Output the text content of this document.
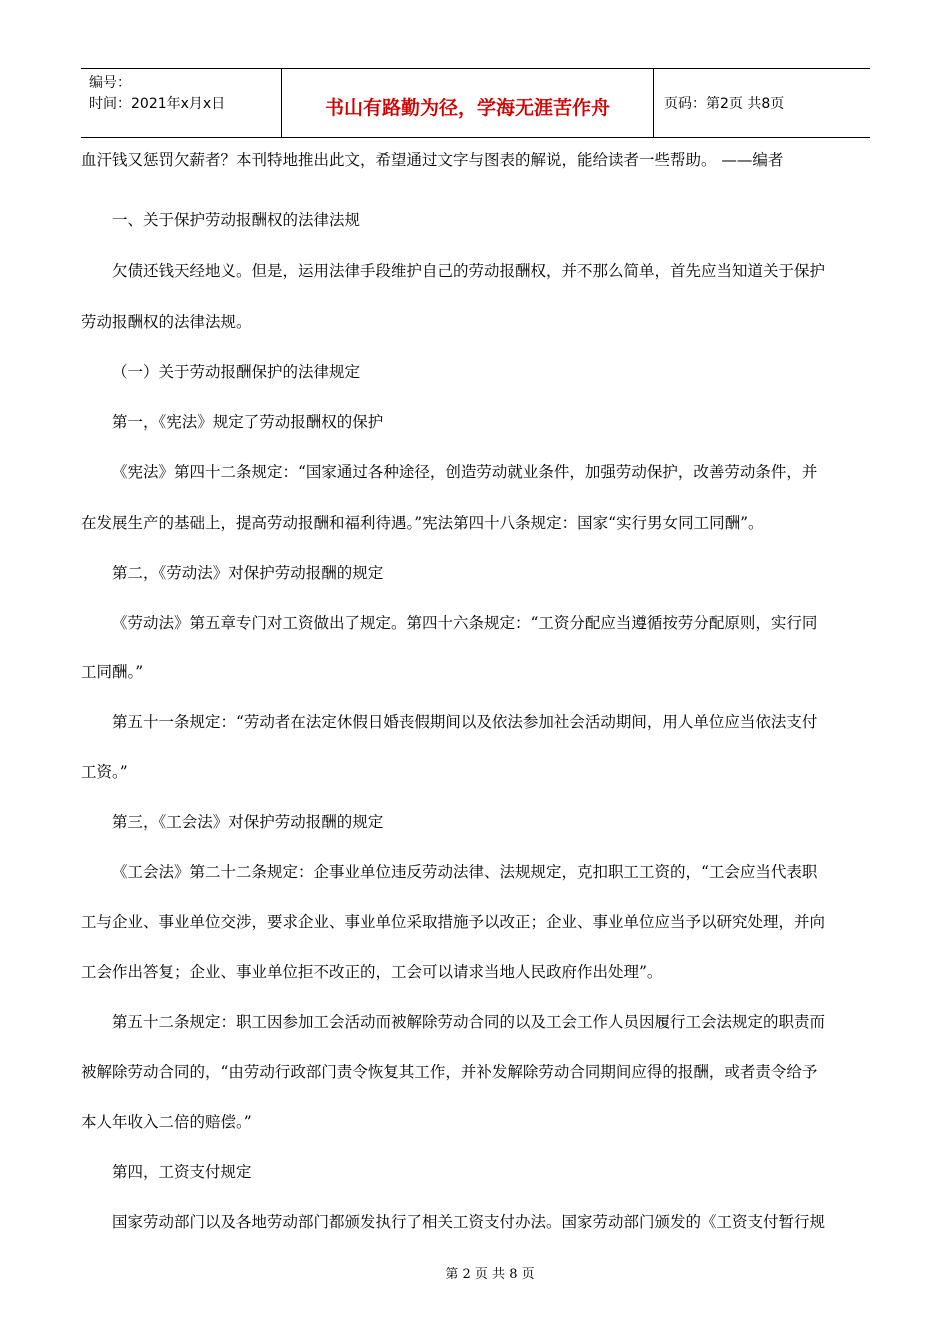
编号：
时间：2021年x月x日	书山有路勤为径，学海无涯苦作舟	页码：第2页 共8页

血汗钱又惩罚欠薪者？本刊特地推出此文，希望通过文字与图表的解说，能给读者一些帮助。 ——编者

一、关于保护劳动报酬权的法律法规

欠债还钱天经地义。但是，运用法律手段维护自己的劳动报酬权，并不那么简单，首先应当知道关于保护

劳动报酬权的法律法规。

（一）关于劳动报酬保护的法律规定

第一，《宪法》规定了劳动报酬权的保护

《宪法》第四十二条规定：“国家通过各种途径，创造劳动就业条件，加强劳动保护，改善劳动条件，并

在发展生产的基础上，提高劳动报酬和福利待遇。”宪法第四十八条规定：国家“实行男女同工同酬”。

第二，《劳动法》对保护劳动报酬的规定

《劳动法》第五章专门对工资做出了规定。第四十六条规定：“工资分配应当遵循按劳分配原则，实行同

工同酬。”

第五十一条规定：“劳动者在法定休假日婚丧假期间以及依法参加社会活动期间，用人单位应当依法支付

工资。”

第三，《工会法》对保护劳动报酬的规定

《工会法》第二十二条规定：企事业单位违反劳动法律、法规规定，克扣职工工资的，“工会应当代表职

工与企业、事业单位交涉，要求企业、事业单位采取措施予以改正；企业、事业单位应当予以研究处理，并向

工会作出答复；企业、事业单位拒不改正的，工会可以请求当地人民政府作出处理”。

第五十二条规定：职工因参加工会活动而被解除劳动合同的以及工会工作人员因履行工会法规定的职责而

被解除劳动合同的，“由劳动行政部门责令恢复其工作，并补发解除劳动合同期间应得的报酬，或者责令给予

本人年收入二倍的赔偿。”

第四，工资支付规定

国家劳动部门以及各地劳动部门都颁发执行了相关工资支付办法。国家劳动部门颁发的《工资支付暂行规

第 2 页 共 8 页
